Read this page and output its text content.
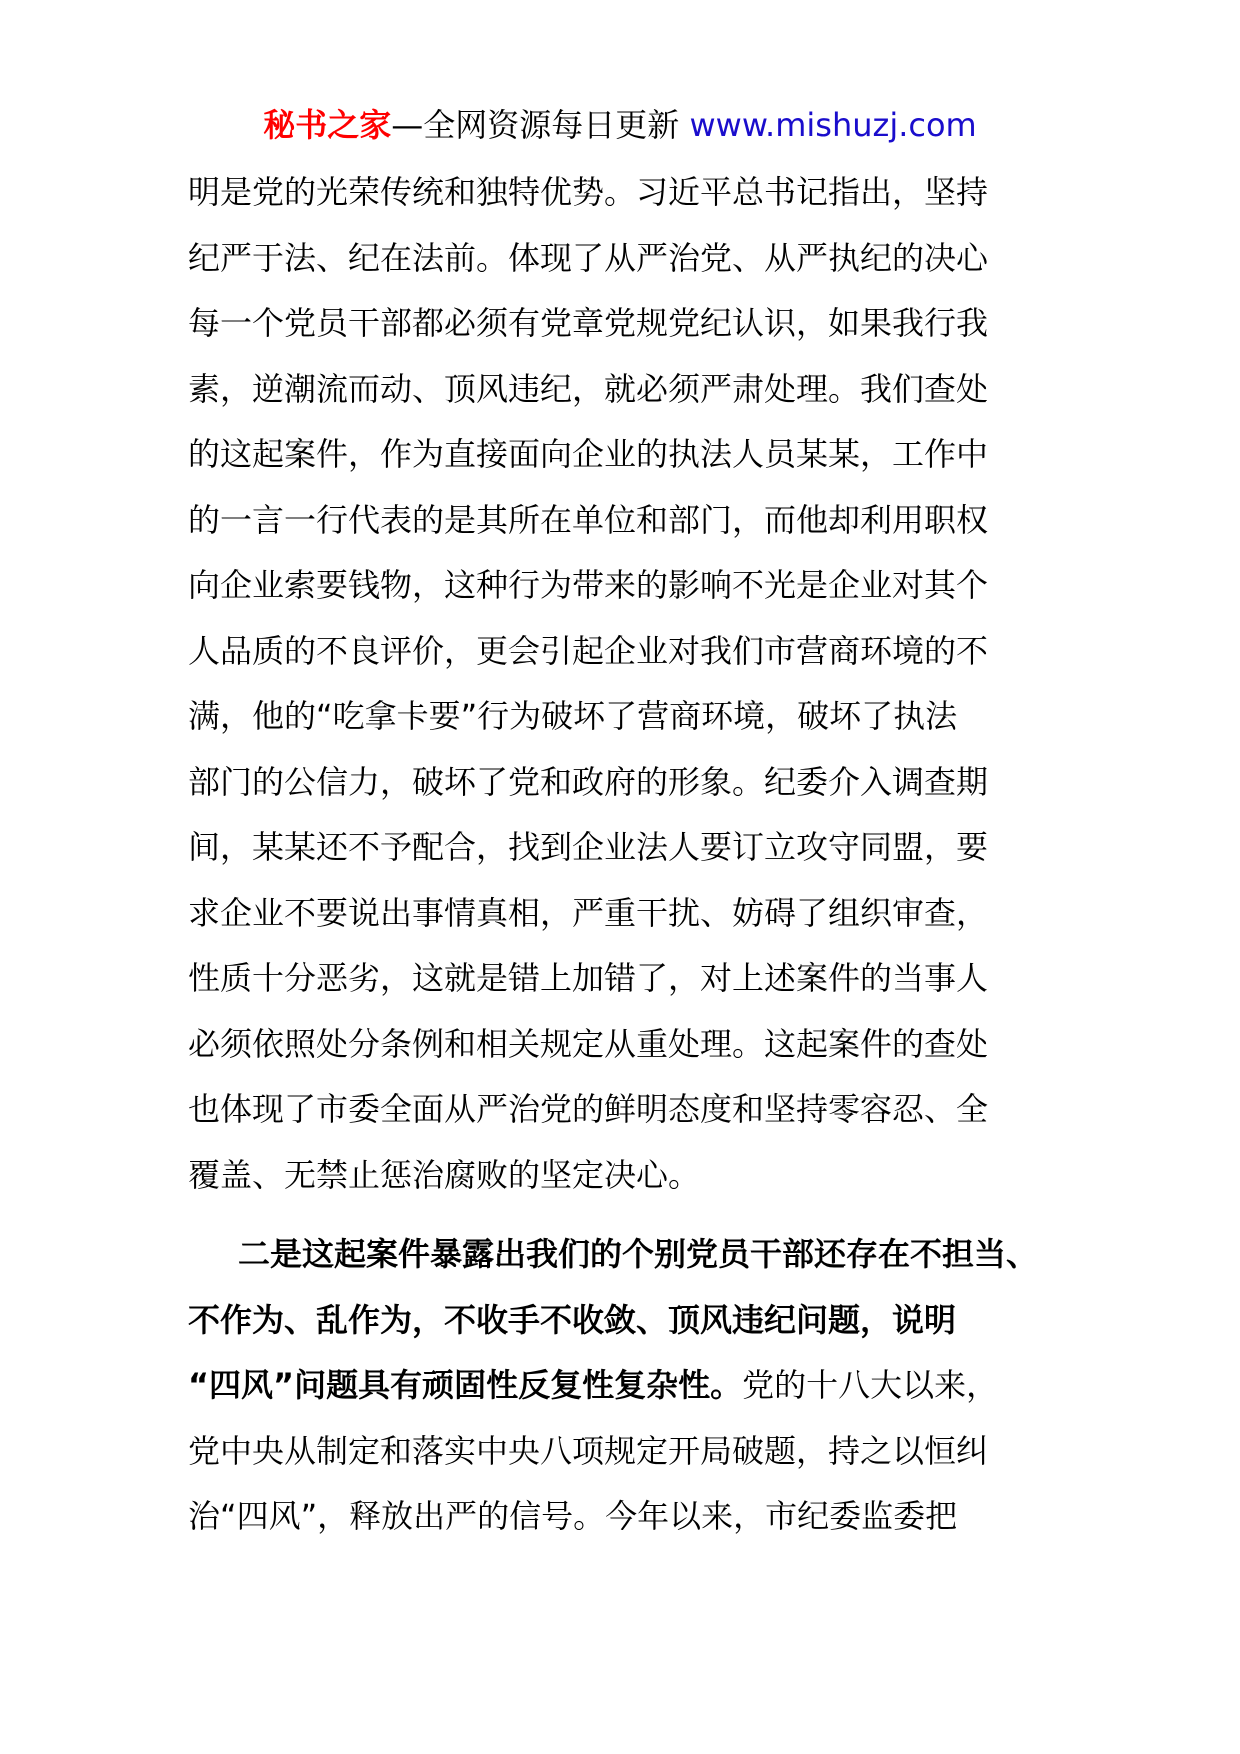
秘书之家—全网资源每日更新 www.mishuzj.com
明是党的光荣传统和独特优势。习近平总书记指出，坚持
纪严于法、纪在法前。体现了从严治党、从严执纪的决心
每一个党员干部都必须有党章党规党纪认识，如果我行我
素，逆潮流而动、顶风违纪，就必须严肃处理。我们查处
的这起案件，作为直接面向企业的执法人员某某，工作中
的一言一行代表的是其所在单位和部门，而他却利用职权
向企业索要钱物，这种行为带来的影响不光是企业对其个
人品质的不良评价，更会引起企业对我们市营商环境的不
满，他的“吃拿卡要”行为破坏了营商环境，破坏了执法
部门的公信力，破坏了党和政府的形象。纪委介入调查期
间，某某还不予配合，找到企业法人要订立攻守同盟，要
求企业不要说出事情真相，严重干扰、妨碍了组织审查，
性质十分恶劣，这就是错上加错了，对上述案件的当事人
必须依照处分条例和相关规定从重处理。这起案件的查处
也体现了市委全面从严治党的鲜明态度和坚持零容忍、全
覆盖、无禁止惩治腐败的坚定决心。
二是这起案件暴露出我们的个别党员干部还存在不担当、
不作为、乱作为，不收手不收敛、顶风违纪问题，说明
“四风”问题具有顽固性反复性复杂性。党的十八大以来，
党中央从制定和落实中央八项规定开局破题，持之以恒纠
治“四风”，释放出严的信号。今年以来，市纪委监委把
